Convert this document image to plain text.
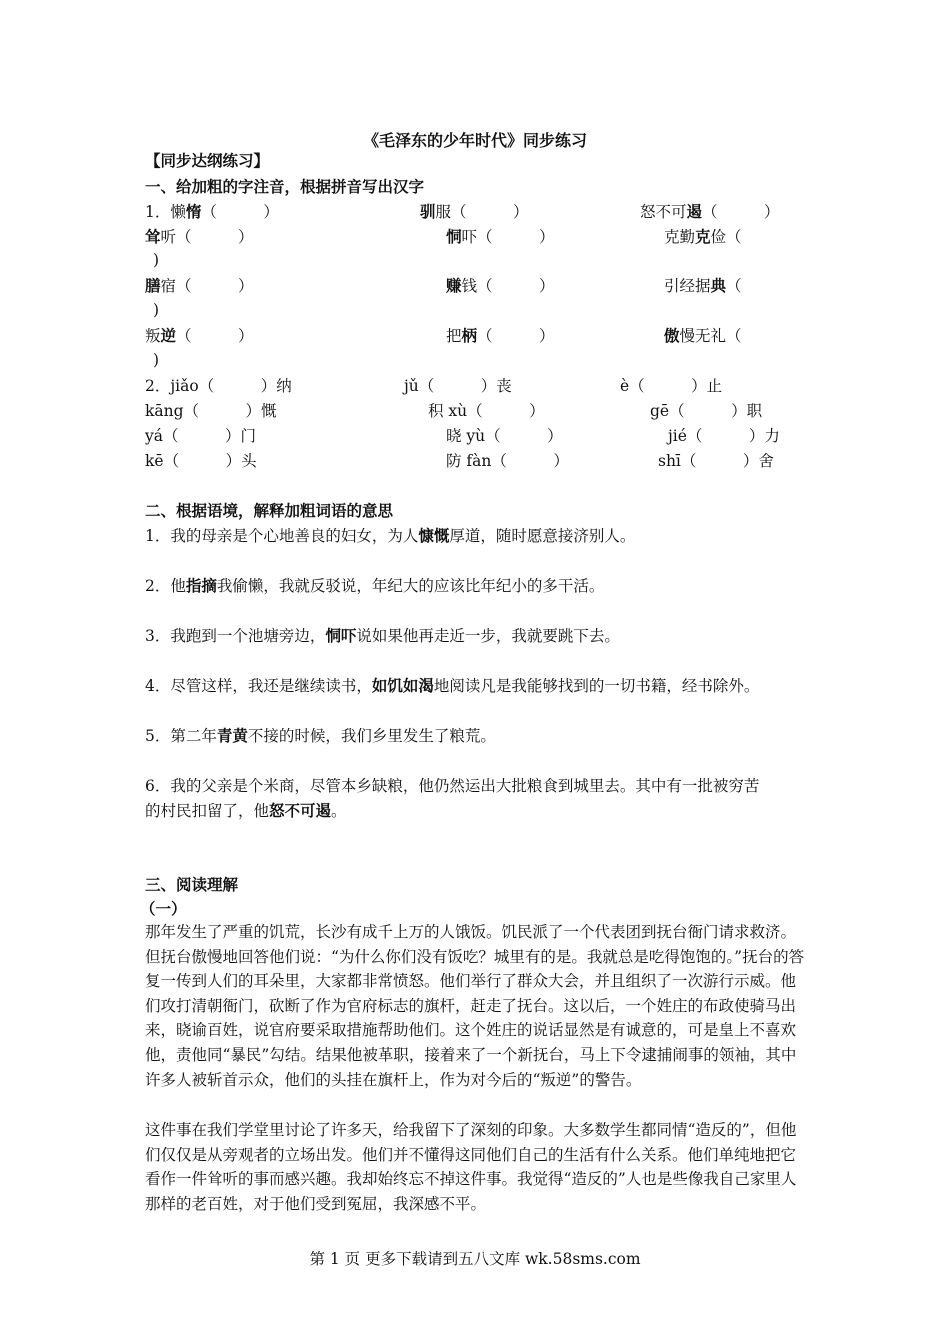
《毛泽东的少年时代》同步练习
【同步达纲练习】
一、给加粗的字注音，根据拼音写出汉字
1．懒惰（　　　）	驯服（　　　）	怒不可遏（　　　）
耸听（　　　）	恫吓（　　　）	克勤克俭（
)
膳宿（　　　）	赚钱（　　　）	引经据典（
)
叛逆（　　　）	把柄（　　　）	傲慢无礼（
)
2．jiǎo（　　　）纳	jǔ（　　　）丧	è（　　　）止
kāng（　　　）慨	积 xù（　　　）	gē（　　　）职
yá（　　　）门	晓 yù（　　　）	jié（　　　）力
kē（　　　）头	防 fàn（　　　）	shī（　　　）舍
二、根据语境，解释加粗词语的意思
1．我的母亲是个心地善良的妇女，为人慷慨厚道，随时愿意接济别人。
2．他指摘我偷懒，我就反驳说，年纪大的应该比年纪小的多干活。
3．我跑到一个池塘旁边，恫吓说如果他再走近一步，我就要跳下去。
4．尽管这样，我还是继续读书，如饥如渴地阅读凡是我能够找到的一切书籍，经书除外。
5．第二年青黄不接的时候，我们乡里发生了粮荒。
6．我的父亲是个米商，尽管本乡缺粮，他仍然运出大批粮食到城里去。其中有一批被穷苦
的村民扣留了，他怒不可遏。
三、阅读理解
（一）
那年发生了严重的饥荒，长沙有成千上万的人饿饭。饥民派了一个代表团到抚台衙门请求救济。但抚台傲慢地回答他们说：“为什么你们没有饭吃？城里有的是。我就总是吃得饱饱的。”抚台的答复一传到人们的耳朵里，大家都非常愤怒。他们举行了群众大会，并且组织了一次游行示威。他们攻打清朝衙门，砍断了作为官府标志的旗杆，赶走了抚台。这以后，一个姓庄的布政使骑马出来，晓谕百姓，说官府要采取措施帮助他们。这个姓庄的说话显然是有诚意的，可是皇上不喜欢他，责他同“暴民”勾结。结果他被革职，接着来了一个新抚台，马上下令逮捕闹事的领袖，其中许多人被斩首示众，他们的头挂在旗杆上，作为对今后的“叛逆”的警告。
这件事在我们学堂里讨论了许多天，给我留下了深刻的印象。大多数学生都同情“造反的”，但他们仅仅是从旁观者的立场出发。他们并不懂得这同他们自己的生活有什么关系。他们单纯地把它看作一件耸听的事而感兴趣。我却始终忘不掉这件事。我觉得“造反的”人也是些像我自己家里人那样的老百姓，对于他们受到冤屈，我深感不平。
第 1 页 更多下载请到五八文库 wk.58sms.com
